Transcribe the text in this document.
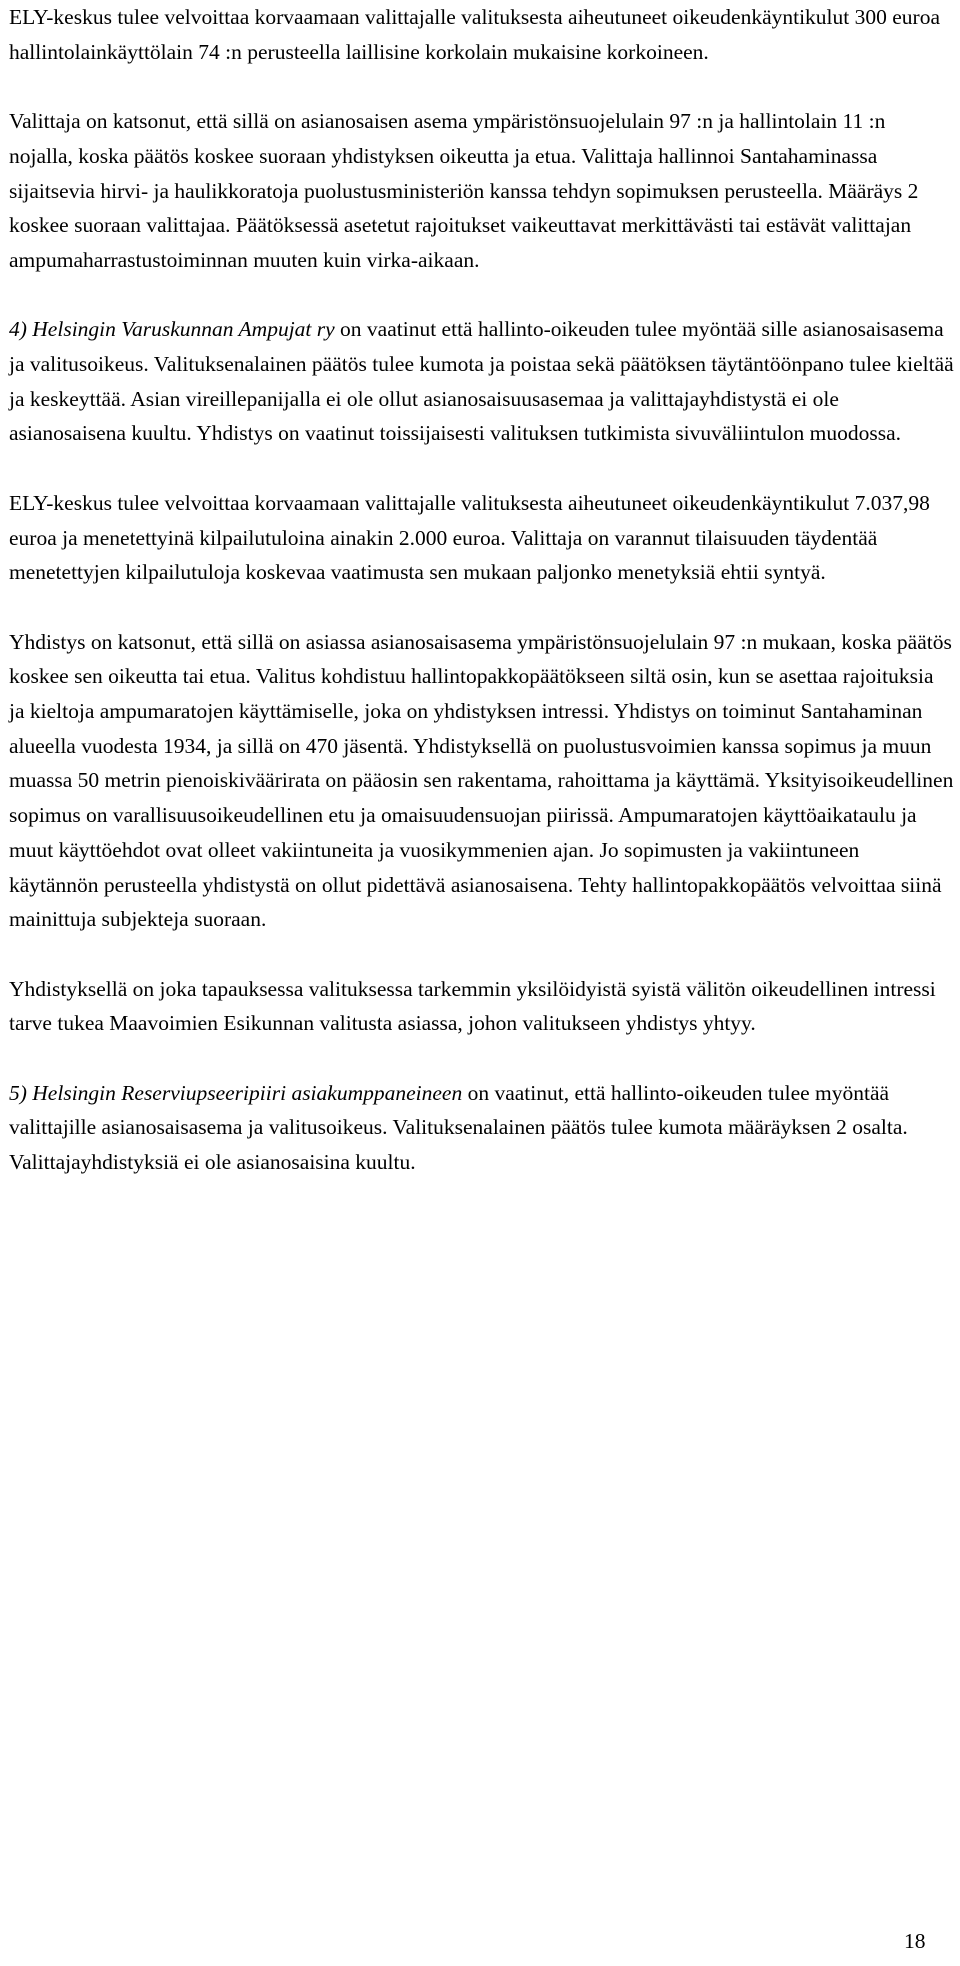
ELY-keskus tulee velvoittaa korvaamaan valittajalle valituksesta aiheutuneet oikeudenkäyntikulut 300 euroa hallintolainkäyttölain 74 :n perusteella laillisine korkolain mukaisine korkoineen.

Valittaja on katsonut, että sillä on asianosaisen asema ympäristönsuojelulain 97 :n ja hallintolain 11 :n nojalla, koska päätös koskee suoraan yhdistyksen oikeutta ja etua. Valittaja hallinnoi Santahaminassa sijaitsevia hirvi- ja haulikkoratoja puolustusministeriön kanssa tehdyn sopimuksen perusteella. Määräys 2 koskee suoraan valittajaa. Päätöksessä asetetut rajoitukset vaikeuttavat merkittävästi tai estävät valittajan ampumaharrastustoiminnan muuten kuin virka-aikaan.

4) Helsingin Varuskunnan Ampujat ry on vaatinut että hallinto-oikeuden tulee myöntää sille asianosaisasema ja valitusoikeus. Valituksenalainen päätös tulee kumota ja poistaa sekä päätöksen täytäntöönpano tulee kieltää ja keskeyttää. Asian vireillepanijalla ei ole ollut asianosaisuusasemaa ja valittajayhdistystä ei ole asianosaisena kuultu. Yhdistys on vaatinut toissijaisesti valituksen tutkimista sivuväliintulon muodossa.

ELY-keskus tulee velvoittaa korvaamaan valittajalle valituksesta aiheutuneet oikeudenkäyntikulut 7.037,98 euroa ja menetettyinä kilpailutuloina ainakin 2.000 euroa. Valittaja on varannut tilaisuuden täydentää menetettyjen kilpailutuloja koskevaa vaatimusta sen mukaan paljonko menetyksiä ehtii syntyä.

Yhdistys on katsonut, että sillä on asiassa asianosaisasema ympäristönsuojelulain 97 :n mukaan, koska päätös koskee sen oikeutta tai etua. Valitus kohdistuu hallintopakkopäätökseen siltä osin, kun se asettaa rajoituksia ja kieltoja ampumaratojen käyttämiselle, joka on yhdistyksen intressi. Yhdistys on toiminut Santahaminan alueella vuodesta 1934, ja sillä on 470 jäsentä. Yhdistyksellä on puolustusvoimien kanssa sopimus ja muun muassa 50 metrin pienoiskiväärirata on pääosin sen rakentama, rahoittama ja käyttämä. Yksityisoikeudellinen sopimus on varallisuusoikeudellinen etu ja omaisuudensuojan piirissä. Ampumaratojen käyttöaikataulu ja muut käyttöehdot ovat olleet vakiintuneita ja vuosikymmenien ajan. Jo sopimusten ja vakiintuneen käytännön perusteella yhdistystä on ollut pidettävä asianosaisena. Tehty hallintopakkopäätös velvoittaa siinä mainittuja subjekteja suoraan.

Yhdistyksellä on joka tapauksessa valituksessa tarkemmin yksilöidyistä syistä välitön oikeudellinen intressi tarve tukea Maavoimien Esikunnan valitusta asiassa, johon valitukseen yhdistys yhtyy.

5) Helsingin Reserviupseeripiiri asiakumppaneineen on vaatinut, että hallinto-oikeuden tulee myöntää valittajille asianosaisasema ja valitusoikeus. Valituksenalainen päätös tulee kumota määräyksen 2 osalta. Valittajayhdistyksiä ei ole asianosaisina kuultu.

18
